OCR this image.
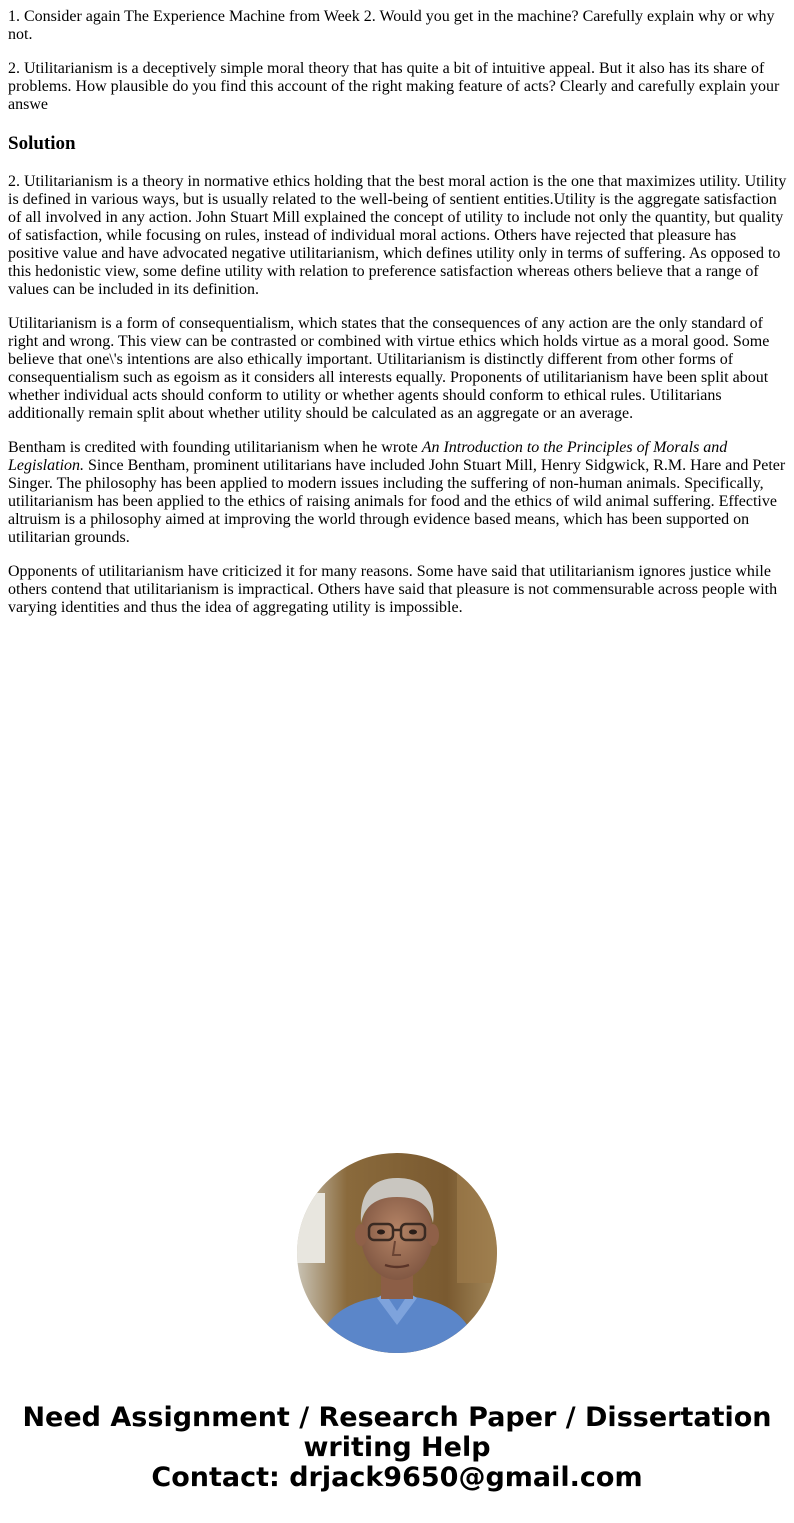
1. Consider again The Experience Machine from Week 2. Would you get in the machine? Carefully explain why or why not.

2. Utilitarianism is a deceptively simple moral theory that has quite a bit of intuitive appeal. But it also has its share of problems. How plausible do you find this account of the right making feature of acts? Clearly and carefully explain your answe

Solution

2. Utilitarianism is a theory in normative ethics holding that the best moral action is the one that maximizes utility. Utility is defined in various ways, but is usually related to the well-being of sentient entities.Utility is the aggregate satisfaction of all involved in any action. John Stuart Mill explained the concept of utility to include not only the quantity, but quality of satisfaction, while focusing on rules, instead of individual moral actions. Others have rejected that pleasure has positive value and have advocated negative utilitarianism, which defines utility only in terms of suffering. As opposed to this hedonistic view, some define utility with relation to preference satisfaction whereas others believe that a range of values can be included in its definition.

Utilitarianism is a form of consequentialism, which states that the consequences of any action are the only standard of right and wrong. This view can be contrasted or combined with virtue ethics which holds virtue as a moral good. Some believe that one\'s intentions are also ethically important. Utilitarianism is distinctly different from other forms of consequentialism such as egoism as it considers all interests equally. Proponents of utilitarianism have been split about whether individual acts should conform to utility or whether agents should conform to ethical rules. Utilitarians additionally remain split about whether utility should be calculated as an aggregate or an average.

Bentham is credited with founding utilitarianism when he wrote An Introduction to the Principles of Morals and Legislation. Since Bentham, prominent utilitarians have included John Stuart Mill, Henry Sidgwick, R.M. Hare and Peter Singer. The philosophy has been applied to modern issues including the suffering of non-human animals. Specifically, utilitarianism has been applied to the ethics of raising animals for food and the ethics of wild animal suffering. Effective altruism is a philosophy aimed at improving the world through evidence based means, which has been supported on utilitarian grounds.

Opponents of utilitarianism have criticized it for many reasons. Some have said that utilitarianism ignores justice while others contend that utilitarianism is impractical. Others have said that pleasure is not commensurable across people with varying identities and thus the idea of aggregating utility is impossible.

Need Assignment / Research Paper / Dissertation
writing Help
Contact: drjack9650@gmail.com
